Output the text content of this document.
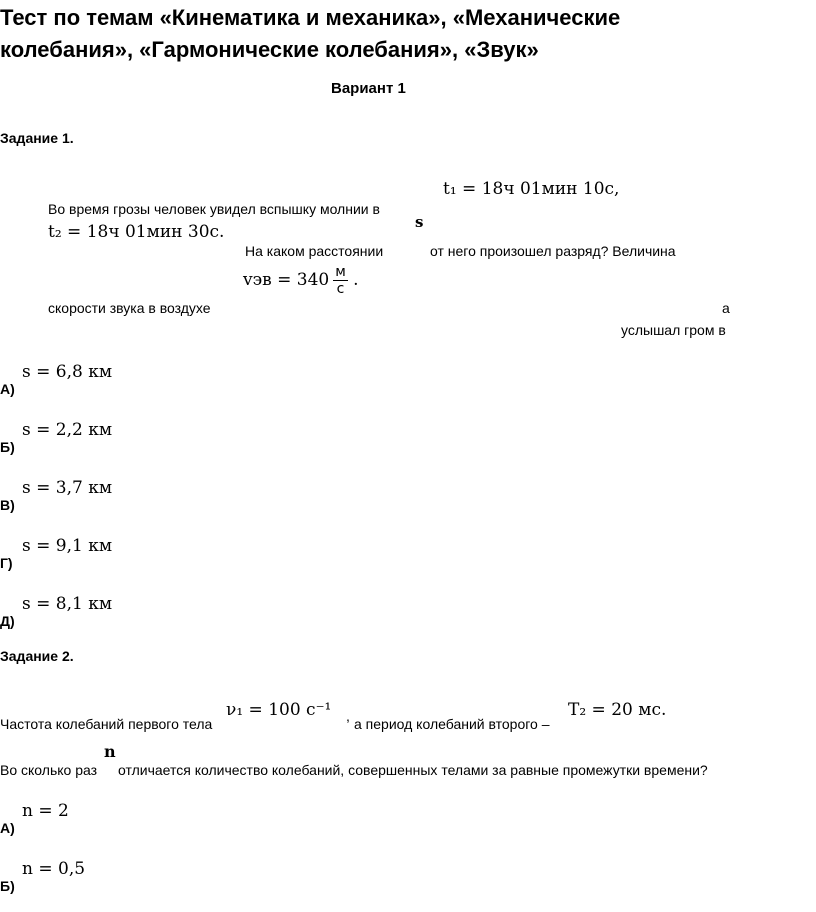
Тест по темам «Кинематика и механика», «Механические
колебания», «Гармонические колебания», «Звук»
Вариант 1
Задание 1.
t₁ = 18ч 01мин 10c,
Во время грозы человек увидел вспышку молнии в
t₂ = 18ч 01мин 30c.	s
На каком расстоянии	от него произошел разряд? Величина
vэв = $340 \frac{м}{c}$ .
скорости звука в воздухе	а
услышал гром в
А)
s = 6,8 км
Б)
s = 2,2 км
В)
s = 3,7 км
Г)
s = 9,1 км
Д)
s = 8,1 км
Задание 2.
Частота колебаний первого тела
ν₁ = 100 с⁻¹ , а период колебаний второго –
T₂ = 20 мс.
n
Во сколько раз отличается количество колебаний, совершенных телами за равные промежутки времени?
А)
n = 2
Б)
n = 0,5
